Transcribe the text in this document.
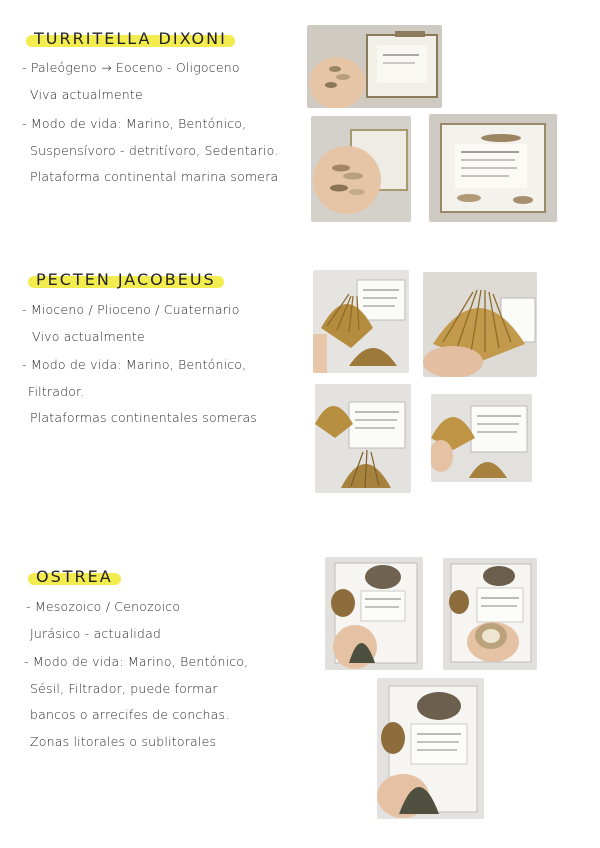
TURRITELLA DIXONI
- Paleógeno → Eoceno - Oligoceno
Viva actualmente
- Modo de vida: Marino, Bentónico,
Suspensívoro - detritívoro, Sedentario.
Plataforma continental marina somera
PECTEN JACOBEUS
- Mioceno / Plioceno / Cuaternario
Vivo actualmente
- Modo de vida: Marino, Bentónico,
Filtrador.
Plataformas continentales someras
OSTREA
- Mesozoico / Cenozoico
Jurásico - actualidad
- Modo de vida: Marino, Bentónico,
Sésil, Filtrador, puede formar
bancos o arrecifes de conchas.
Zonas litorales o sublitorales
